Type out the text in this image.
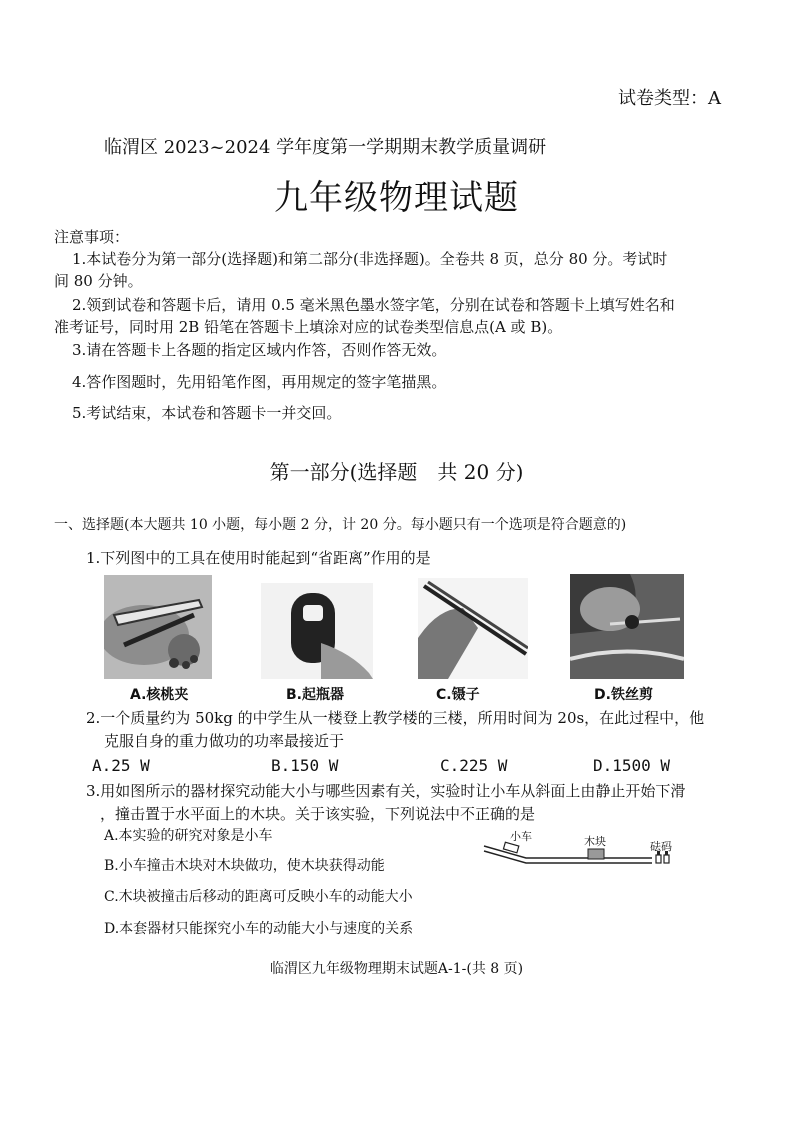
试卷类型：A
临渭区 2023~2024 学年度第一学期期末教学质量调研
九年级物理试题
注意事项：
1.本试卷分为第一部分(选择题)和第二部分(非选择题)。全卷共 8 页，总分 80 分。考试时
间 80 分钟。
2.领到试卷和答题卡后，请用 0.5 毫米黑色墨水签字笔，分别在试卷和答题卡上填写姓名和
准考证号，同时用 2B 铅笔在答题卡上填涂对应的试卷类型信息点(A 或 B)。
3.请在答题卡上各题的指定区域内作答，否则作答无效。
4.答作图题时，先用铅笔作图，再用规定的签字笔描黑。
5.考试结束，本试卷和答题卡一并交回。
第一部分(选择题　共 20 分)
一、选择题(本大题共 10 小题，每小题 2 分，计 20 分。每小题只有一个选项是符合题意的)
1.下列图中的工具在使用时能起到“省距离”作用的是
A.核桃夹	B.起瓶器	C.镊子	D.铁丝剪
2.一个质量约为 50kg 的中学生从一楼登上教学楼的三楼，所用时间为 20s，在此过程中，他
克服自身的重力做功的功率最接近于
A.25 W	B.150 W	C.225 W	D.1500 W
3.用如图所示的器材探究动能大小与哪些因素有关，实验时让小车从斜面上由静止开始下滑
，撞击置于水平面上的木块。关于该实验，下列说法中不正确的是
A.本实验的研究对象是小车
B.小车撞击木块对木块做功，使木块获得动能
C.木块被撞击后移动的距离可反映小车的动能大小
D.本套器材只能探究小车的动能大小与速度的关系
小车	木块	砝码
临渭区九年级物理期末试题A-1-(共 8 页)
